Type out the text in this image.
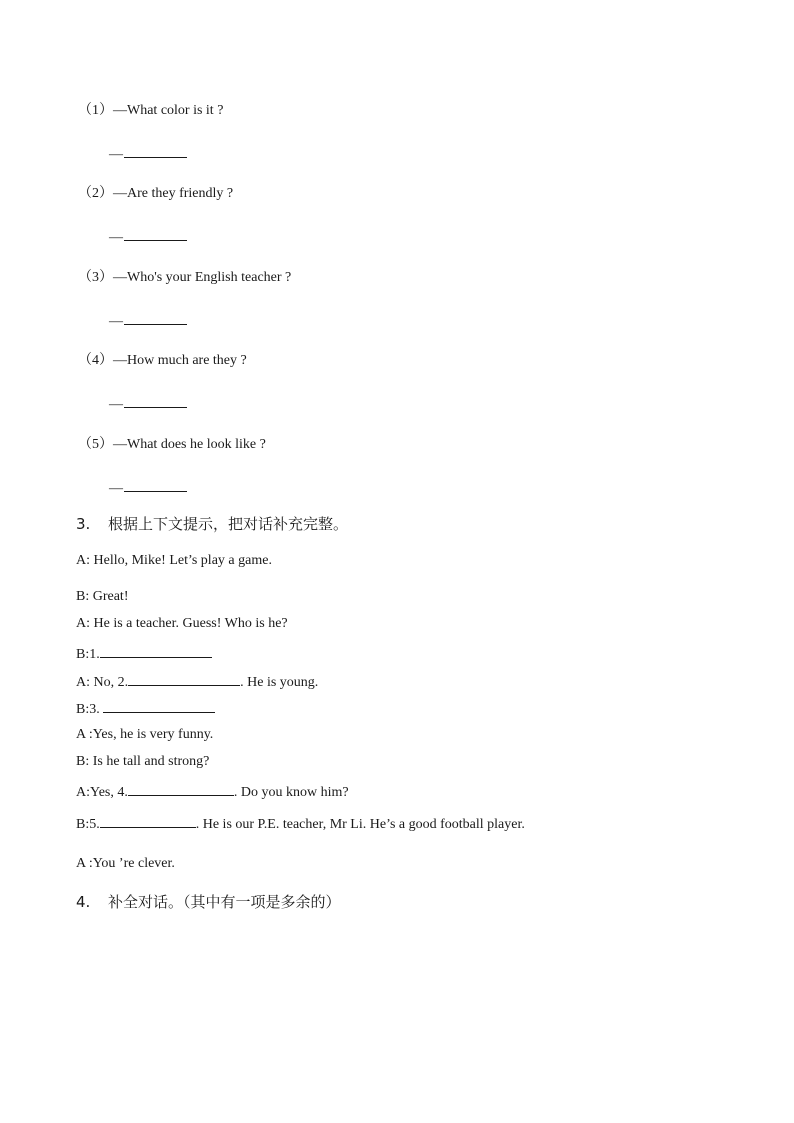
（1）—What color is it ?
—
（2）—Are they friendly ?
—
（3）—Who's your English teacher ?
—
（4）—How much are they ?
—
（5）—What does he look like ?
—
3. 根据上下文提示，把对话补充完整。
A: Hello, Mike! Let’s play a game.
B: Great!
A: He is a teacher. Guess! Who is he?
B:1.
A: No, 2.	. He is young.
B:3.
A :Yes, he is very funny.
B: Is he tall and strong?
A:Yes, 4.	. Do you know him?
B:5.	. He is our P.E. teacher, Mr Li. He’s a good football player.
A :You ’re clever.
4. 补全对话。（其中有一项是多余的）
